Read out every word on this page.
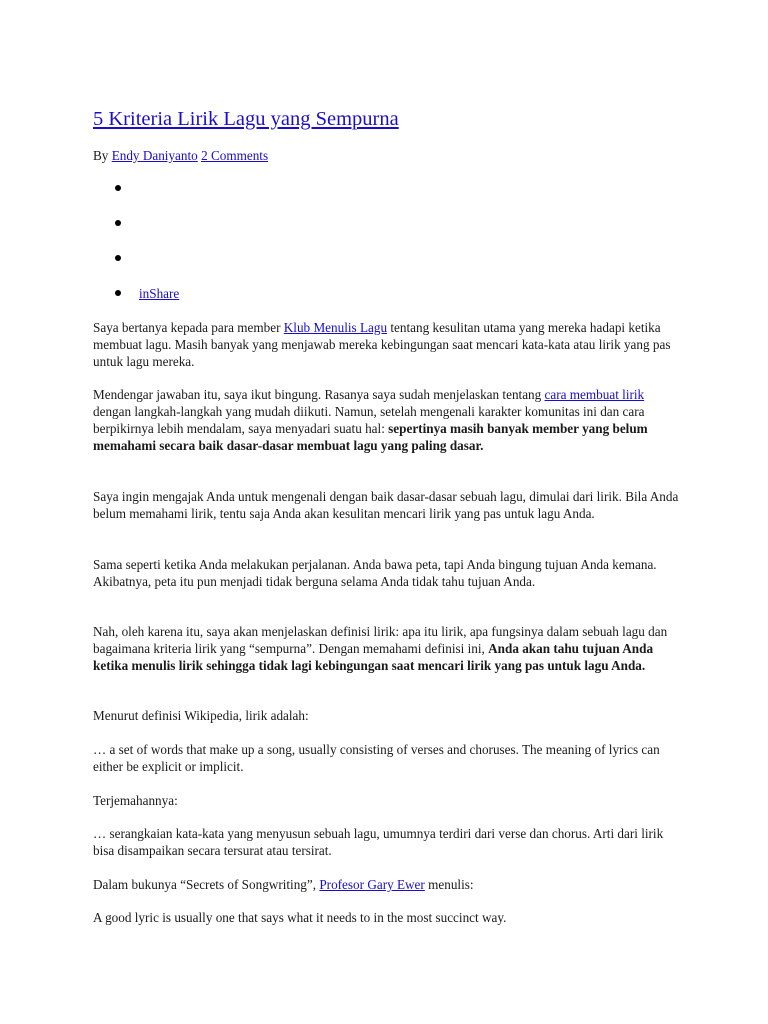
5 Kriteria Lirik Lagu yang Sempurna
By Endy Daniyanto 2 Comments
inShare

Saya bertanya kepada para member Klub Menulis Lagu tentang kesulitan utama yang mereka hadapi ketika membuat lagu. Masih banyak yang menjawab mereka kebingungan saat mencari kata-kata atau lirik yang pas untuk lagu mereka.

Mendengar jawaban itu, saya ikut bingung. Rasanya saya sudah menjelaskan tentang cara membuat lirik dengan langkah-langkah yang mudah diikuti. Namun, setelah mengenali karakter komunitas ini dan cara berpikirnya lebih mendalam, saya menyadari suatu hal: sepertinya masih banyak member yang belum memahami secara baik dasar-dasar membuat lagu yang paling dasar.

Saya ingin mengajak Anda untuk mengenali dengan baik dasar-dasar sebuah lagu, dimulai dari lirik. Bila Anda belum memahami lirik, tentu saja Anda akan kesulitan mencari lirik yang pas untuk lagu Anda.

Sama seperti ketika Anda melakukan perjalanan. Anda bawa peta, tapi Anda bingung tujuan Anda kemana. Akibatnya, peta itu pun menjadi tidak berguna selama Anda tidak tahu tujuan Anda.

Nah, oleh karena itu, saya akan menjelaskan definisi lirik: apa itu lirik, apa fungsinya dalam sebuah lagu dan bagaimana kriteria lirik yang “sempurna”. Dengan memahami definisi ini, Anda akan tahu tujuan Anda ketika menulis lirik sehingga tidak lagi kebingungan saat mencari lirik yang pas untuk lagu Anda.

Menurut definisi Wikipedia, lirik adalah:

… a set of words that make up a song, usually consisting of verses and choruses. The meaning of lyrics can either be explicit or implicit.

Terjemahannya:

… serangkaian kata-kata yang menyusun sebuah lagu, umumnya terdiri dari verse dan chorus. Arti dari lirik bisa disampaikan secara tersurat atau tersirat.

Dalam bukunya “Secrets of Songwriting”, Profesor Gary Ewer menulis:

A good lyric is usually one that says what it needs to in the most succinct way.
